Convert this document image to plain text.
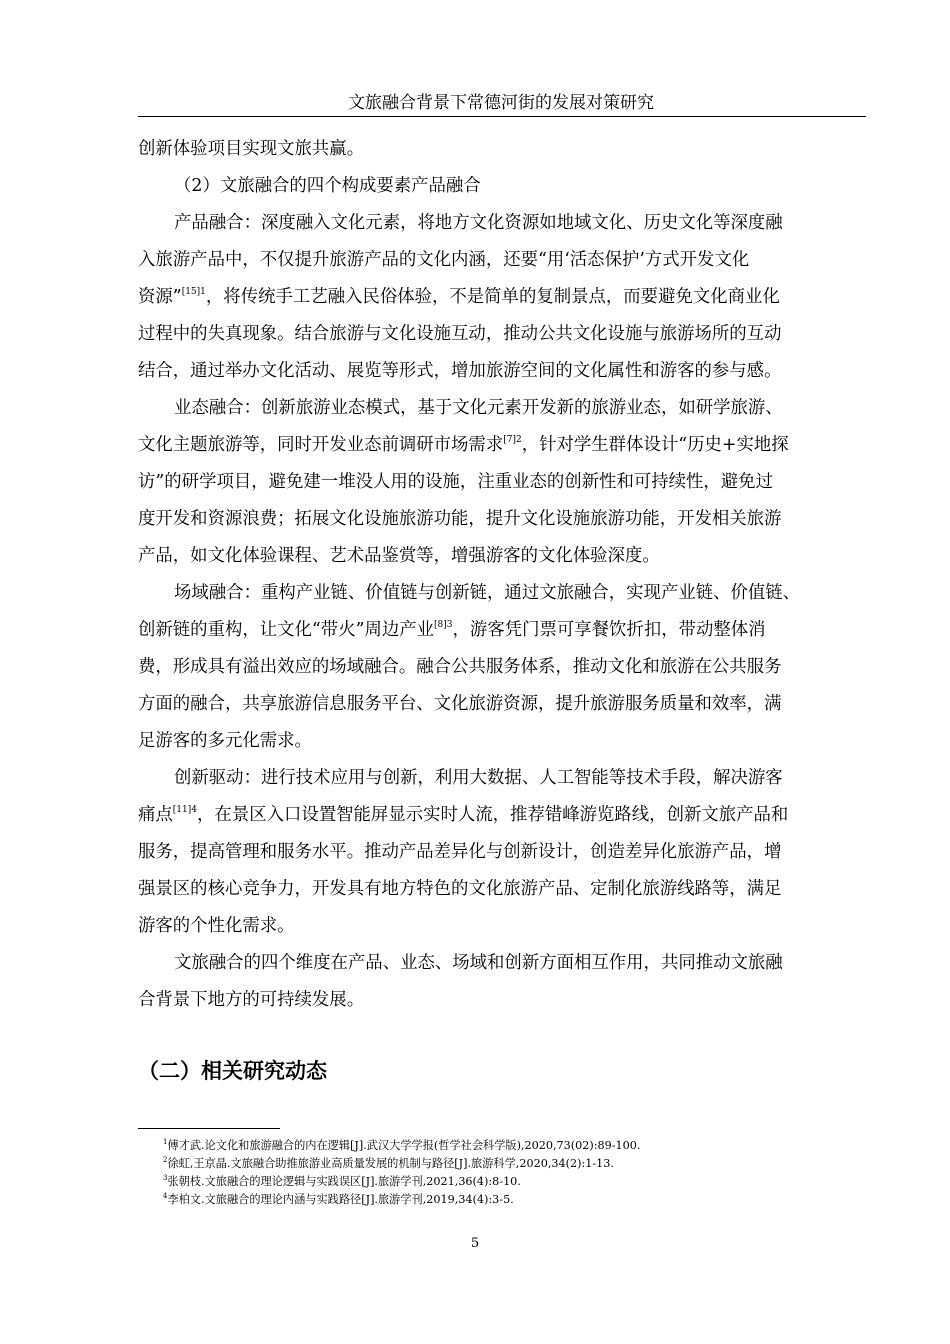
文旅融合背景下常德河街的发展对策研究
创新体验项目实现文旅共赢。
（2）文旅融合的四个构成要素产品融合
产品融合：深度融入文化元素，将地方文化资源如地域文化、历史文化等深度融
入旅游产品中，不仅提升旅游产品的文化内涵，还要“用‘活态保护’方式开发文化
资源”$^{[15]1}$，将传统手工艺融入民俗体验，不是简单的复制景点，而要避免文化商业化
过程中的失真现象。结合旅游与文化设施互动，推动公共文化设施与旅游场所的互动
结合，通过举办文化活动、展览等形式，增加旅游空间的文化属性和游客的参与感。
业态融合：创新旅游业态模式，基于文化元素开发新的旅游业态，如研学旅游、
文化主题旅游等，同时开发业态前调研市场需求$^{[7]2}$，针对学生群体设计“历史+实地探
访”的研学项目，避免建一堆没人用的设施，注重业态的创新性和可持续性，避免过
度开发和资源浪费；拓展文化设施旅游功能，提升文化设施旅游功能，开发相关旅游
产品，如文化体验课程、艺术品鉴赏等，增强游客的文化体验深度。
场域融合：重构产业链、价值链与创新链，通过文旅融合，实现产业链、价值链、
创新链的重构，让文化“带火”周边产业$^{[8]3}$，游客凭门票可享餐饮折扣，带动整体消
费，形成具有溢出效应的场域融合。融合公共服务体系，推动文化和旅游在公共服务
方面的融合，共享旅游信息服务平台、文化旅游资源，提升旅游服务质量和效率，满
足游客的多元化需求。
创新驱动：进行技术应用与创新，利用大数据、人工智能等技术手段，解决游客
痛点$^{[11]4}$，在景区入口设置智能屏显示实时人流，推荐错峰游览路线，创新文旅产品和
服务，提高管理和服务水平。推动产品差异化与创新设计，创造差异化旅游产品，增
强景区的核心竞争力，开发具有地方特色的文化旅游产品、定制化旅游线路等，满足
游客的个性化需求。
文旅融合的四个维度在产品、业态、场域和创新方面相互作用，共同推动文旅融
合背景下地方的可持续发展。
（二）相关研究动态
$^1$傅才武.论文化和旅游融合的内在逻辑[J].武汉大学学报(哲学社会科学版),2020,73(02):89-100.
$^2$徐虹,王京晶.文旅融合助推旅游业高质量发展的机制与路径[J].旅游科学,2020,34(2):1-13.
$^3$张朝枝.文旅融合的理论逻辑与实践误区[J].旅游学刊,2021,36(4):8-10.
$^4$李柏文.文旅融合的理论内涵与实践路径[J].旅游学刊,2019,34(4):3-5.
5
